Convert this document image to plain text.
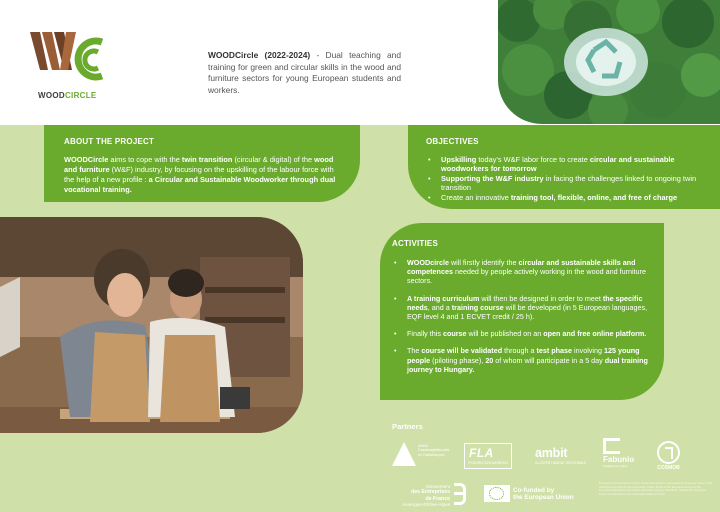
WOODCIRCLE
WOODCircle (2022-2024) - Dual teaching and training for green and circular skills in the wood and furniture sectors for young European students and workers.
ABOUT THE PROJECT
WOODCircle aims to cope with the twin transition (circular & digital) of the wood and furniture (W&F) industry, by focusing on the upskilling of the labour force with the help of a new profile : a Circular and Sustainable Woodworker through dual vocational training.
OBJECTIVES
• Upskilling today's W&F labor force to create circular and sustainable woodworkers for tomorrow
• Supporting the W&F industry in facing the challenges linked to ongoing twin transition
• Create an innovative training tool, flexible, online, and free of charge
ACTIVITIES
• WOODcircle will firstly identify the circular and sustainable skills and competences needed by people actively working in the wood and furniture sectors.
• A training curriculum will then be designed in order to meet the specific needs, and a training course will be developed (in 5 European languages, EQF level 4 and 1 ECVET credit / 25 h).
• Finally this course will be published on an open and free online platform.
• The course will be validated through a test phase involving 125 young people (piloting phase), 20 of whom will participate in a 5 day dual training journey to Hungary.
Partners
Alföldi Gazdaságfejlesztési és Tudásközpont FLA
FEDERLEGNOARREDO
ambit
CLÚSTER HÀBITAT SOSTENIBLE Fabunio
Inteligentne meble	COSMOB
Mouvement
des Entreprises
de France
Auvergne-Rhône-Alpes
Co-funded by
the European Union
Funded by the European Union. Views and opinions expressed are however those of the author(s) only and do not necessarily reflect those of the European Union or the European Education and Culture Executive Agency (EACEA). Neither the European Union nor EACEA can be held responsible for them.
